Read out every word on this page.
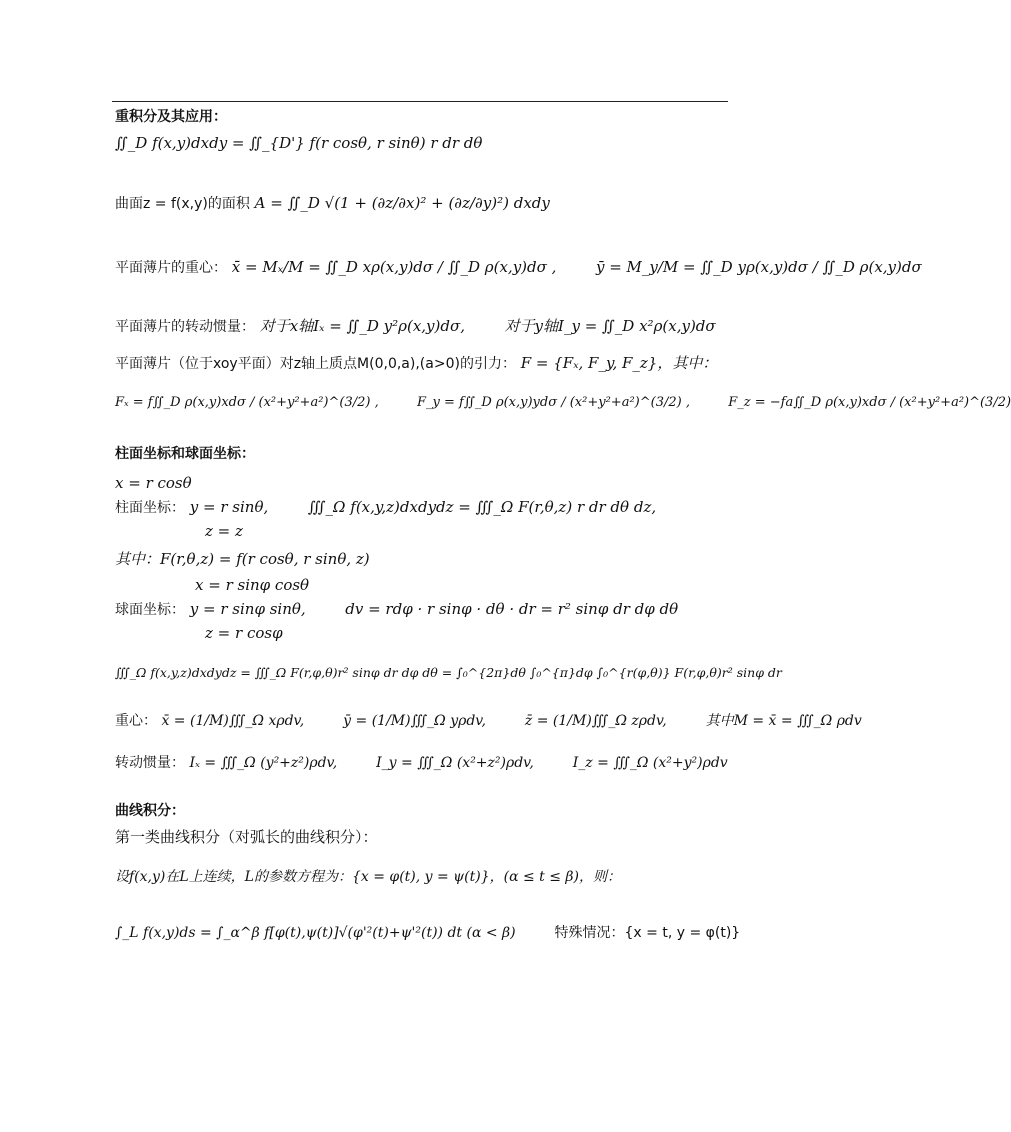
重积分及其应用：
∬_D f(x,y)dxdy = ∬_{D'} f(r cosθ, r sinθ) r dr dθ
曲面z = f(x,y)的面积 A = ∬_D √(1 + (∂z/∂x)² + (∂z/∂y)²) dxdy
平面薄片的重心： x̄ = Mₓ/M = ∬_D xρ(x,y)dσ / ∬_D ρ(x,y)dσ ,	ȳ = M_y/M = ∬_D yρ(x,y)dσ / ∬_D ρ(x,y)dσ
平面薄片的转动惯量： 对于x轴Iₓ = ∬_D y²ρ(x,y)dσ,	对于y轴I_y = ∬_D x²ρ(x,y)dσ
平面薄片（位于xoy平面）对z轴上质点M(0,0,a),(a>0)的引力： F = {Fₓ, F_y, F_z}，其中：
Fₓ = f∬_D ρ(x,y)xdσ / (x²+y²+a²)^(3/2) ,	F_y = f∬_D ρ(x,y)ydσ / (x²+y²+a²)^(3/2) ,	F_z = −fa∬_D ρ(x,y)xdσ / (x²+y²+a²)^(3/2)
柱面坐标和球面坐标：
x = r cosθ
柱面坐标： y = r sinθ,	∭_Ω f(x,y,z)dxdydz = ∭_Ω F(r,θ,z) r dr dθ dz,
z = z
其中：F(r,θ,z) = f(r cosθ, r sinθ, z)
x = r sinφ cosθ
球面坐标： y = r sinφ sinθ,	dv = rdφ · r sinφ · dθ · dr = r² sinφ dr dφ dθ
z = r cosφ
∭_Ω f(x,y,z)dxdydz = ∭_Ω F(r,φ,θ)r² sinφ dr dφ dθ = ∫₀^{2π}dθ ∫₀^{π}dφ ∫₀^{r(φ,θ)} F(r,φ,θ)r² sinφ dr
重心： x̄ = (1/M)∭_Ω xρdv,	ȳ = (1/M)∭_Ω yρdv,	z̄ = (1/M)∭_Ω zρdv,	其中M = x̄ = ∭_Ω ρdv
转动惯量： Iₓ = ∭_Ω (y²+z²)ρdv,	I_y = ∭_Ω (x²+z²)ρdv,	I_z = ∭_Ω (x²+y²)ρdv
曲线积分：
第一类曲线积分（对弧长的曲线积分）：
设f(x,y)在L上连续，L的参数方程为：{x = φ(t), y = ψ(t)}，(α ≤ t ≤ β)，则：
∫_L f(x,y)ds = ∫_α^β f[φ(t),ψ(t)]√(φ'²(t)+ψ'²(t)) dt (α < β)	特殊情况：{x = t, y = φ(t)}
